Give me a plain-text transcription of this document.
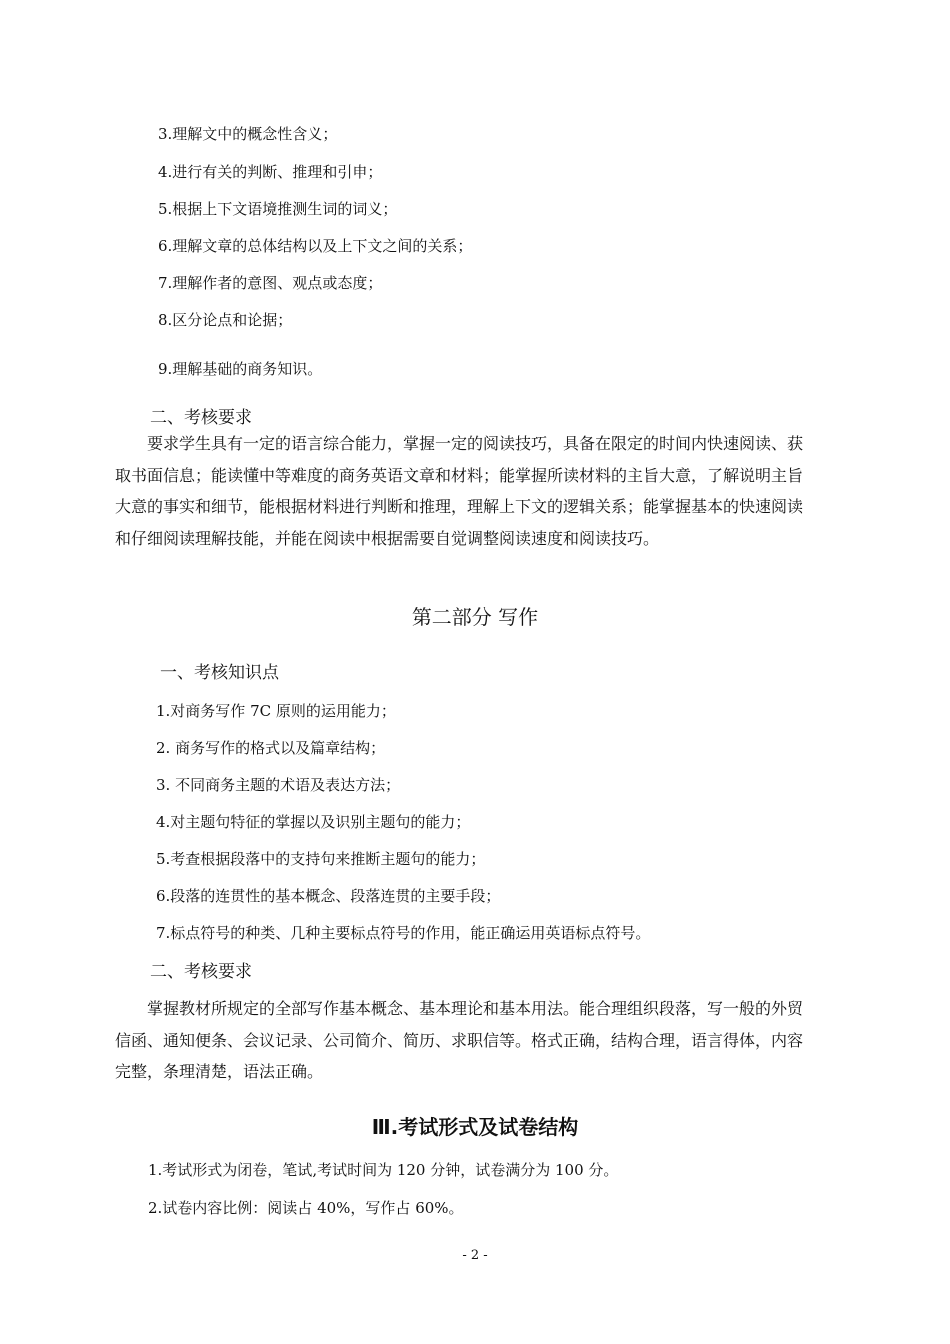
3.理解文中的概念性含义；
4.进行有关的判断、推理和引申；
5.根据上下文语境推测生词的词义；
6.理解文章的总体结构以及上下文之间的关系；
7.理解作者的意图、观点或态度；
8.区分论点和论据；
9.理解基础的商务知识。
二、考核要求
要求学生具有一定的语言综合能力，掌握一定的阅读技巧，具备在限定的时间内快速阅读、获
取书面信息；能读懂中等难度的商务英语文章和材料；能掌握所读材料的主旨大意，了解说明主旨
大意的事实和细节，能根据材料进行判断和推理，理解上下文的逻辑关系；能掌握基本的快速阅读
和仔细阅读理解技能，并能在阅读中根据需要自觉调整阅读速度和阅读技巧。
第二部分 写作
一、考核知识点
1.对商务写作 7C 原则的运用能力；
2. 商务写作的格式以及篇章结构；
3. 不同商务主题的术语及表达方法；
4.对主题句特征的掌握以及识别主题句的能力；
5.考查根据段落中的支持句来推断主题句的能力；
6.段落的连贯性的基本概念、段落连贯的主要手段；
7.标点符号的种类、几种主要标点符号的作用，能正确运用英语标点符号。
二、考核要求
掌握教材所规定的全部写作基本概念、基本理论和基本用法。能合理组织段落，写一般的外贸
信函、通知便条、会议记录、公司简介、简历、求职信等。格式正确，结构合理，语言得体，内容
完整，条理清楚，语法正确。
Ⅲ.考试形式及试卷结构
1.考试形式为闭卷，笔试,考试时间为 120 分钟，试卷满分为 100 分。
2.试卷内容比例：阅读占 40%，写作占 60%。
- 2 -
